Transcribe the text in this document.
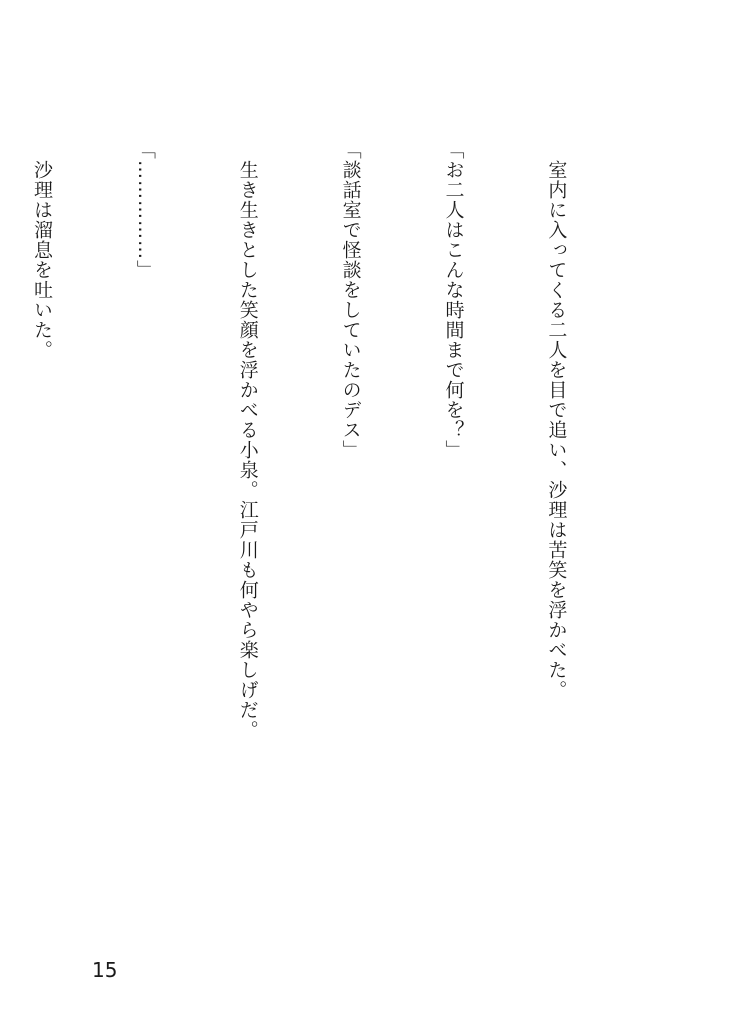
　室内に入ってくる二人を目で追い、沙理は苦笑を浮かべた。

「お二人はこんな時間まで何を？」

「談話室で怪談をしていたのデス」

　生き生きとした笑顔を浮かべる小泉。江戸川も何やら楽しげだ。

「……………」

　沙理は溜息を吐いた。

15
